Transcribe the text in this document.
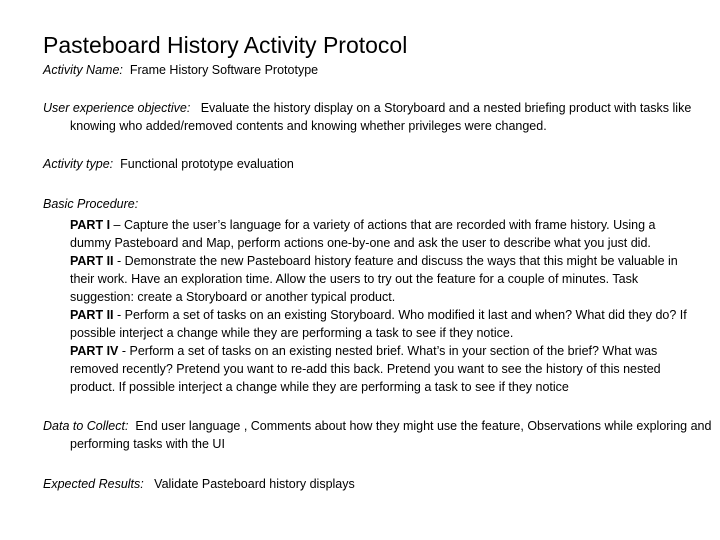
Pasteboard History Activity Protocol
Activity Name: Frame History Software Prototype
User experience objective: Evaluate the history display on a Storyboard and a nested briefing product with tasks like knowing who added/removed contents and knowing whether privileges were changed.
Activity type: Functional prototype evaluation
Basic Procedure:
PART I – Capture the user’s language for a variety of actions that are recorded with frame history. Using a dummy Pasteboard and Map, perform actions one-by-one and ask the user to describe what you just did.
PART II - Demonstrate the new Pasteboard history feature and discuss the ways that this might be valuable in their work. Have an exploration time. Allow the users to try out the feature for a couple of minutes. Task suggestion: create a Storyboard or another typical product.
PART II - Perform a set of tasks on an existing Storyboard. Who modified it last and when? What did they do? If possible interject a change while they are performing a task to see if they notice.
PART IV - Perform a set of tasks on an existing nested brief. What’s in your section of the brief? What was removed recently? Pretend you want to re-add this back. Pretend you want to see the history of this nested product. If possible interject a change while they are performing a task to see if they notice
Data to Collect: End user language , Comments about how they might use the feature, Observations while exploring and performing tasks with the UI
Expected Results: Validate Pasteboard history displays
